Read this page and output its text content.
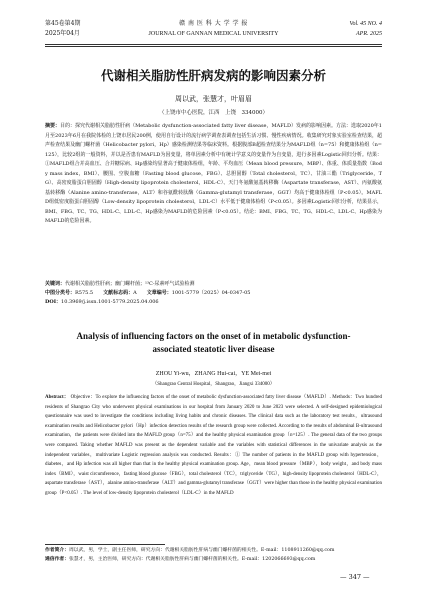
第45卷第4期
2025年04月
赣 南 医 科 大 学 学 报
JOURNAL OF GANNAN MEDICAL UNIVERSITY
Vol. 45 NO. 4
APR. 2025
代谢相关脂肪性肝病发病的影响因素分析
周以武，张慧才，叶眉眉
（上饶市中心医院，江西　上饶　334000）
摘要：目的：探究代谢相关脂肪性肝病（Metabolic dysfunction-associated fatty liver disease，MAFLD）发病的影响因素。方法：选取2020年1月至2023年6月在我院体检的上饶市居民200例，使用自行设计的流行病学调查表调查包括生活习惯、慢性疾病情况。收集研究对象实验室检查结果，超声检查结果及幽门螺杆菌（Helicobacter pylori，Hp）感染检测结果等临床资料。根据腹部B超检查结果分为MAFLD组（n=75）和健康体检组（n=125），比较2组的一般资料，并以是否患有MAFLD为因变量，将单因素分析中有统计学意义的变量作为自变量，进行多因素Logistic回归分析。结果：①MAFLD组合并高血压、合并糖尿病、Hp感染均显著高于健康体检组，年龄、平均血压（Mean blood pressure，MBP）、体重、体质量指数（Body mass index，BMI）、腰围、空腹血糖（Fasting blood glucose，FBG）、总胆固醇（Total cholesterol，TC）、甘油三酯（Triglyceride，TG）、高密度脂蛋白胆固醇（High-density lipoprotein cholesterol，HDL-C）、天门冬氨酸氨基转移酶（Aspartate transferase，AST）、丙氨酸氨基转移酶（Alanine amino-transferase，ALT）和谷氨酰转肽酶（Gamma-glutamyl transferase，GGT）均高于健康体检组（P<0.05）。MAFLD组低密度脂蛋白胆固醇（Low-density lipoprotein cholesterol，LDL-C）水平低于健康体检组（P<0.05）。多因素Logistic回归分析，结果显示，BMI、FBG、TC、TG、HDL-C、LDL-C、Hp感染为MAFLD的危险因素（P<0.05）。结论：BMI、FBG、TC、TG、HDL-C、LDL-C、Hp感染为MAFLD的危险因素。
关键词：代谢相关脂肪性肝病；幽门螺杆菌；¹³C-尿素呼气试验检测
中图分类号：R575.5 文献标志码：A 文章编号：1001-5779（2025）04-0347-05
DOI：10.3969/j.issn.1001-5779.2025.04.006
Analysis of influencing factors on the onset of in metabolic dysfunction-associated steatotic liver disease
ZHOU Yi-wu，ZHANG Hui-cai，YE Mei-mei
（Shangrao Central Hospital，Shangrao，Jiangxi 334000）
Abstract： Objective：To explore the influencing factors of the onset of metabolic dysfunction-associated fatty liver disease（MAFLD）. Methods：Two hundred residents of Shangrao City who underwent physical examinations in our hospital from January 2020 to June 2023 were selected. A self-designed epidemiological questionnaire was used to investigate the conditions including living habits and chronic diseases. The clinical data such as the laboratory test results，ultrasound examination results and Helicobacter pylori（Hp）infection detection results of the research group were collected. According to the results of abdominal B-ultrasound examination，the patients were divided into the MAFLD group（n=75）and the healthy physical examination group（n=125）. The general data of the two groups were compared. Taking whether MAFLD was present as the dependent variable and the variables with statistical differences in the univariate analysis as the independent variables，multivariate Logistic regression analysis was conducted. Results：① The number of patients in the MAFLD group with hypertension，diabetes，and Hp infection was all higher than that in the healthy physical examination group. Age，mean blood pressure（MBP），body weight，and body mass index（BMI），waist circumference，fasting blood glucose（FBG），total cholesterol（TC），triglyceride（TG），high-density lipoprotein cholesterol（HDL-C），aspartate transferase（AST），alanine amino-transferase（ALT）and gamma-glutamyl transferase（GGT）were higher than those in the healthy physical examination group（P<0.05）. The level of low-density lipoprotein cholesterol（LDL-C）in the MAFLD
作者简介：周以武，男，学士，副主任医师，研究方向：代谢相关脂肪性肝病与幽门螺杆菌的相关性。E-mail：1108911260@qq.com
通信作者：张慧才，男，主治医师，研究方向：代谢相关脂肪性肝病与幽门螺杆菌的相关性。E-mail：1202066693@qq.com
— 347 —
